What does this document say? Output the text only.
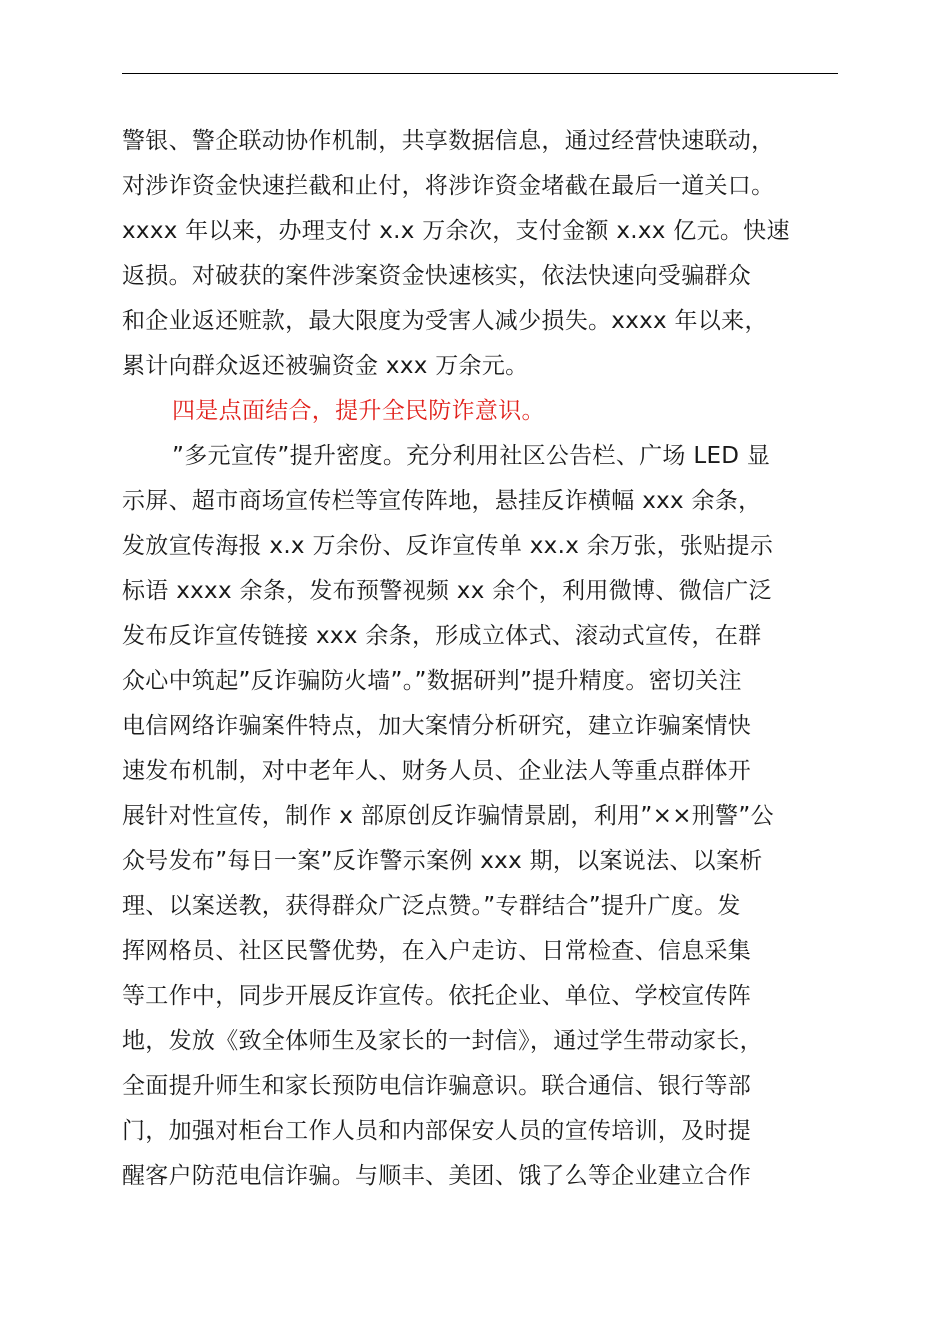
警银、警企联动协作机制，共享数据信息，通过经营快速联动，
对涉诈资金快速拦截和止付，将涉诈资金堵截在最后一道关口。
xxxx 年以来，办理支付 x.x 万余次，支付金额 x.xx 亿元。快速
返损。对破获的案件涉案资金快速核实，依法快速向受骗群众
和企业返还赃款，最大限度为受害人减少损失。xxxx 年以来，
累计向群众返还被骗资金 xxx 万余元。
四是点面结合，提升全民防诈意识。
”多元宣传”提升密度。充分利用社区公告栏、广场 LED 显
示屏、超市商场宣传栏等宣传阵地，悬挂反诈横幅 xxx 余条，
发放宣传海报 x.x 万余份、反诈宣传单 xx.x 余万张，张贴提示
标语 xxxx 余条，发布预警视频 xx 余个，利用微博、微信广泛
发布反诈宣传链接 xxx 余条，形成立体式、滚动式宣传，在群
众心中筑起”反诈骗防火墙”。”数据研判”提升精度。密切关注
电信网络诈骗案件特点，加大案情分析研究，建立诈骗案情快
速发布机制，对中老年人、财务人员、企业法人等重点群体开
展针对性宣传，制作 x 部原创反诈骗情景剧，利用”××刑警”公
众号发布”每日一案”反诈警示案例 xxx 期，以案说法、以案析
理、以案送教，获得群众广泛点赞。”专群结合”提升广度。发
挥网格员、社区民警优势，在入户走访、日常检查、信息采集
等工作中，同步开展反诈宣传。依托企业、单位、学校宣传阵
地，发放《致全体师生及家长的一封信》，通过学生带动家长，
全面提升师生和家长预防电信诈骗意识。联合通信、银行等部
门，加强对柜台工作人员和内部保安人员的宣传培训，及时提
醒客户防范电信诈骗。与顺丰、美团、饿了么等企业建立合作
